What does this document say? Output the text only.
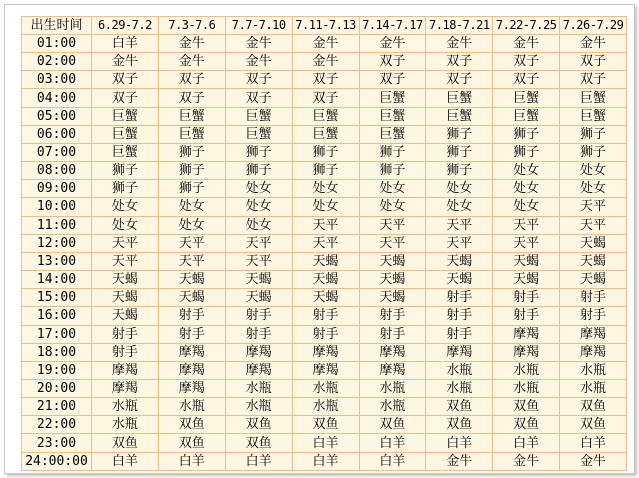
出生时间	6.29-7.2	7.3-7.6	7.7-7.10	7.11-7.13	7.14-7.17	7.18-7.21	7.22-7.25	7.26-7.29
01:00	白羊	金牛	金牛	金牛	金牛	金牛	金牛	金牛
02:00	金牛	金牛	金牛	金牛	双子	双子	双子	双子
03:00	双子	双子	双子	双子	双子	双子	双子	双子
04:00	双子	双子	双子	双子	巨蟹	巨蟹	巨蟹	巨蟹
05:00	巨蟹	巨蟹	巨蟹	巨蟹	巨蟹	巨蟹	巨蟹	巨蟹
06:00	巨蟹	巨蟹	巨蟹	巨蟹	巨蟹	狮子	狮子	狮子
07:00	巨蟹	狮子	狮子	狮子	狮子	狮子	狮子	狮子
08:00	狮子	狮子	狮子	狮子	狮子	狮子	处女	处女
09:00	狮子	狮子	处女	处女	处女	处女	处女	处女
10:00	处女	处女	处女	处女	处女	处女	处女	天平
11:00	处女	处女	处女	天平	天平	天平	天平	天平
12:00	天平	天平	天平	天平	天平	天平	天平	天蝎
13:00	天平	天平	天平	天蝎	天蝎	天蝎	天蝎	天蝎
14:00	天蝎	天蝎	天蝎	天蝎	天蝎	天蝎	天蝎	天蝎
15:00	天蝎	天蝎	天蝎	天蝎	天蝎	射手	射手	射手
16:00	天蝎	射手	射手	射手	射手	射手	射手	射手
17:00	射手	射手	射手	射手	射手	射手	摩羯	摩羯
18:00	射手	摩羯	摩羯	摩羯	摩羯	摩羯	摩羯	摩羯
19:00	摩羯	摩羯	摩羯	摩羯	摩羯	水瓶	水瓶	水瓶
20:00	摩羯	摩羯	水瓶	水瓶	水瓶	水瓶	水瓶	水瓶
21:00	水瓶	水瓶	水瓶	水瓶	水瓶	双鱼	双鱼	双鱼
22:00	水瓶	双鱼	双鱼	双鱼	双鱼	双鱼	双鱼	双鱼
23:00	双鱼	双鱼	双鱼	白羊	白羊	白羊	白羊	白羊
24:00:00	白羊	白羊	白羊	白羊	白羊	金牛	金牛	金牛
